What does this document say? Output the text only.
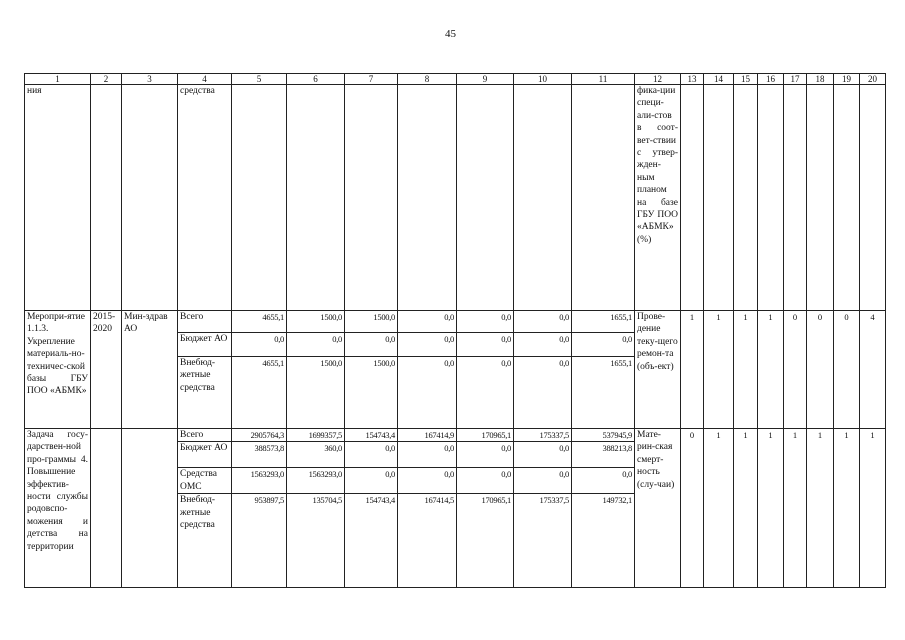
45
1	2	3	4	5	6	7	8	9	10	11	12	13	14	15	16	17	18	19	20
ния			средства								фика-ции специ-али-стов в соот-вет-ствии с утвер-жден-ным планом на базе ГБУ ПОО «АБМК» (%)								
Меропри-ятие 1.1.3. Укрепление материаль-но-техничес-ской базы ГБУ ПОО «АБМК»	2015-2020	Мин-здрав АО	Всего	4655,1	1500,0	1500,0	0,0	0,0	0,0	1655,1	Прове-дение теку-щего ремон-та (объ-ект)	1	1	1	1	0	0	0	4
			Бюджет АО	0,0	0,0	0,0	0,0	0,0	0,0	0,0									
			Внебюд-жетные средства	4655,1	1500,0	1500,0	0,0	0,0	0,0	1655,1									
Задача госу-дарствен-ной про-граммы 4. Повышение эффектив-ности службы родовспо-можения и детства на территории			Всего	2905764,3	1699357,5	154743,4	167414,9	170965,1	175337,5	537945,9	Мате-рин-ская смерт-ность (слу-чаи)	0	1	1	1	1	1	1	1
			Бюджет АО	388573,8	360,0	0,0	0,0	0,0	0,0	388213,8									
			Средства ОМС	1563293,0	1563293,0	0,0	0,0	0,0	0,0	0,0									
			Внебюд-жетные средства	953897,5	135704,5	154743,4	167414,5	170965,1	175337,5	149732,1									
